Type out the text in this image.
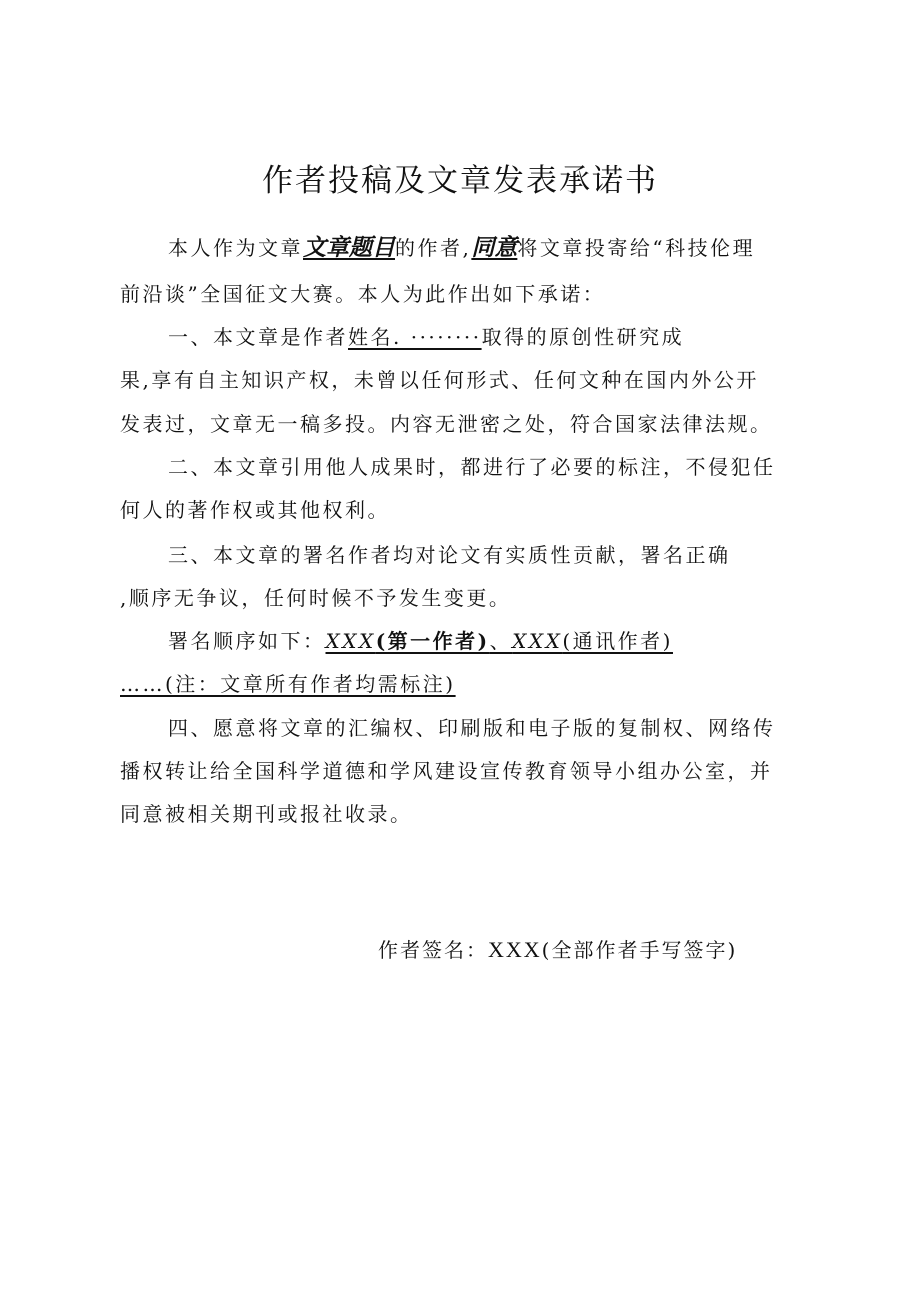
作者投稿及文章发表承诺书
本人作为文章文章题目的作者,同意将文章投寄给“科技伦理
前沿谈”全国征文大赛。本人为此作出如下承诺：
一、本文章是作者姓名. ········取得的原创性研究成
果,享有自主知识产权，未曾以任何形式、任何文种在国内外公开
发表过，文章无一稿多投。内容无泄密之处，符合国家法律法规。
二、本文章引用他人成果时，都进行了必要的标注，不侵犯任
何人的著作权或其他权利。
三、本文章的署名作者均对论文有实质性贡献，署名正确
,顺序无争议，任何时候不予发生变更。
署名顺序如下：XXX(第一作者)、XXX(通讯作者)
……(注：文章所有作者均需标注)
四、愿意将文章的汇编权、印刷版和电子版的复制权、网络传
播权转让给全国科学道德和学风建设宣传教育领导小组办公室，并
同意被相关期刊或报社收录。
作者签名：XXX(全部作者手写签字)
